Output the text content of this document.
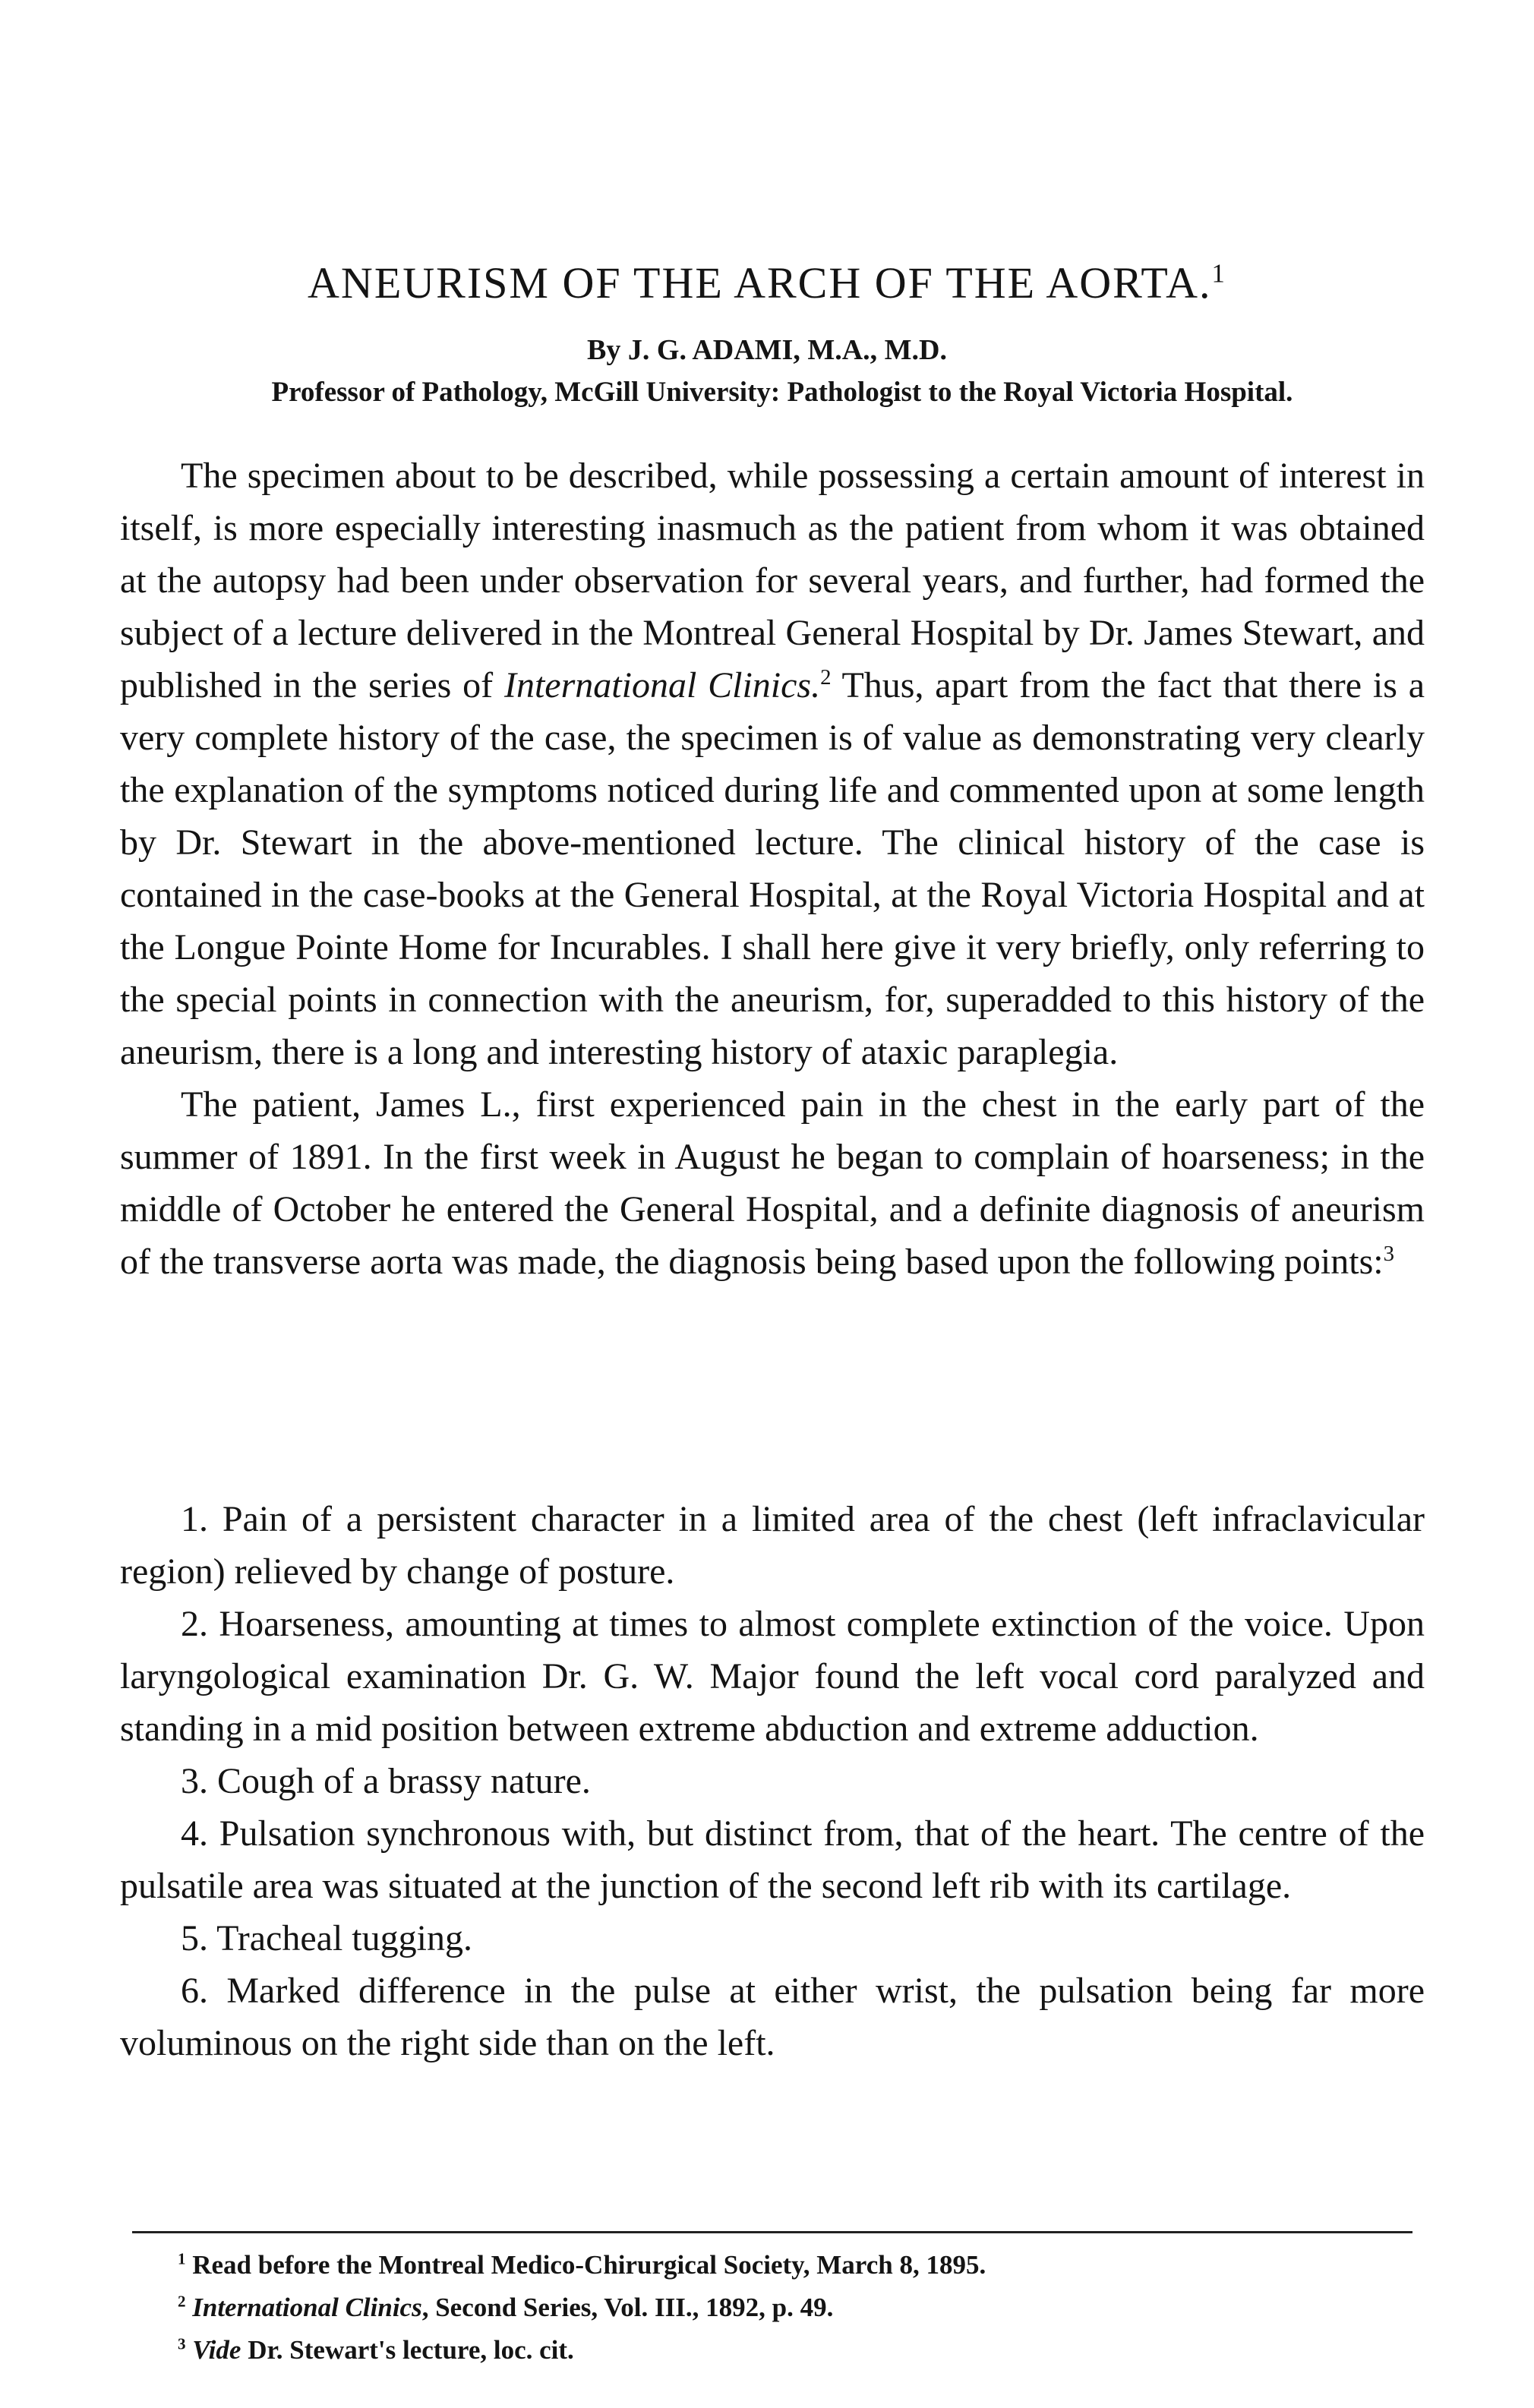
ANEURISM OF THE ARCH OF THE AORTA.$^1$
By J. G. ADAMI, M.A., M.D.
Professor of Pathology, McGill University: Pathologist to the Royal Victoria Hospital.

The specimen about to be described, while possessing a certain amount of interest in itself, is more especially interesting inasmuch as the patient from whom it was obtained at the autopsy had been under observation for several years, and further, had formed the subject of a lecture delivered in the Montreal General Hospital by Dr. James Stewart, and published in the series of International Clinics.$^2$ Thus, apart from the fact that there is a very complete history of the case, the specimen is of value as demonstrating very clearly the explanation of the symptoms noticed during life and commented upon at some length by Dr. Stewart in the above-mentioned lecture. The clinical history of the case is contained in the case-books at the General Hospital, at the Royal Victoria Hospital and at the Longue Pointe Home for Incurables. I shall here give it very briefly, only referring to the special points in connection with the aneurism, for, superadded to this history of the aneurism, there is a long and interesting history of ataxic paraplegia.

The patient, James L., first experienced pain in the chest in the early part of the summer of 1891. In the first week in August he began to complain of hoarseness; in the middle of October he entered the General Hospital, and a definite diagnosis of aneurism of the transverse aorta was made, the diagnosis being based upon the following points:$^3$

1. Pain of a persistent character in a limited area of the chest (left infraclavicular region) relieved by change of posture.

2. Hoarseness, amounting at times to almost complete extinction of the voice. Upon laryngological examination Dr. G. W. Major found the left vocal cord paralyzed and standing in a mid position between extreme abduction and extreme adduction.

3. Cough of a brassy nature.

4. Pulsation synchronous with, but distinct from, that of the heart. The centre of the pulsatile area was situated at the junction of the second left rib with its cartilage.

5. Tracheal tugging.

6. Marked difference in the pulse at either wrist, the pulsation being far more voluminous on the right side than on the left.

$^1$ Read before the Montreal Medico-Chirurgical Society, March 8, 1895.

$^2$ International Clinics, Second Series, Vol. III., 1892, p. 49.

$^3$ Vide Dr. Stewart's lecture, loc. cit.
